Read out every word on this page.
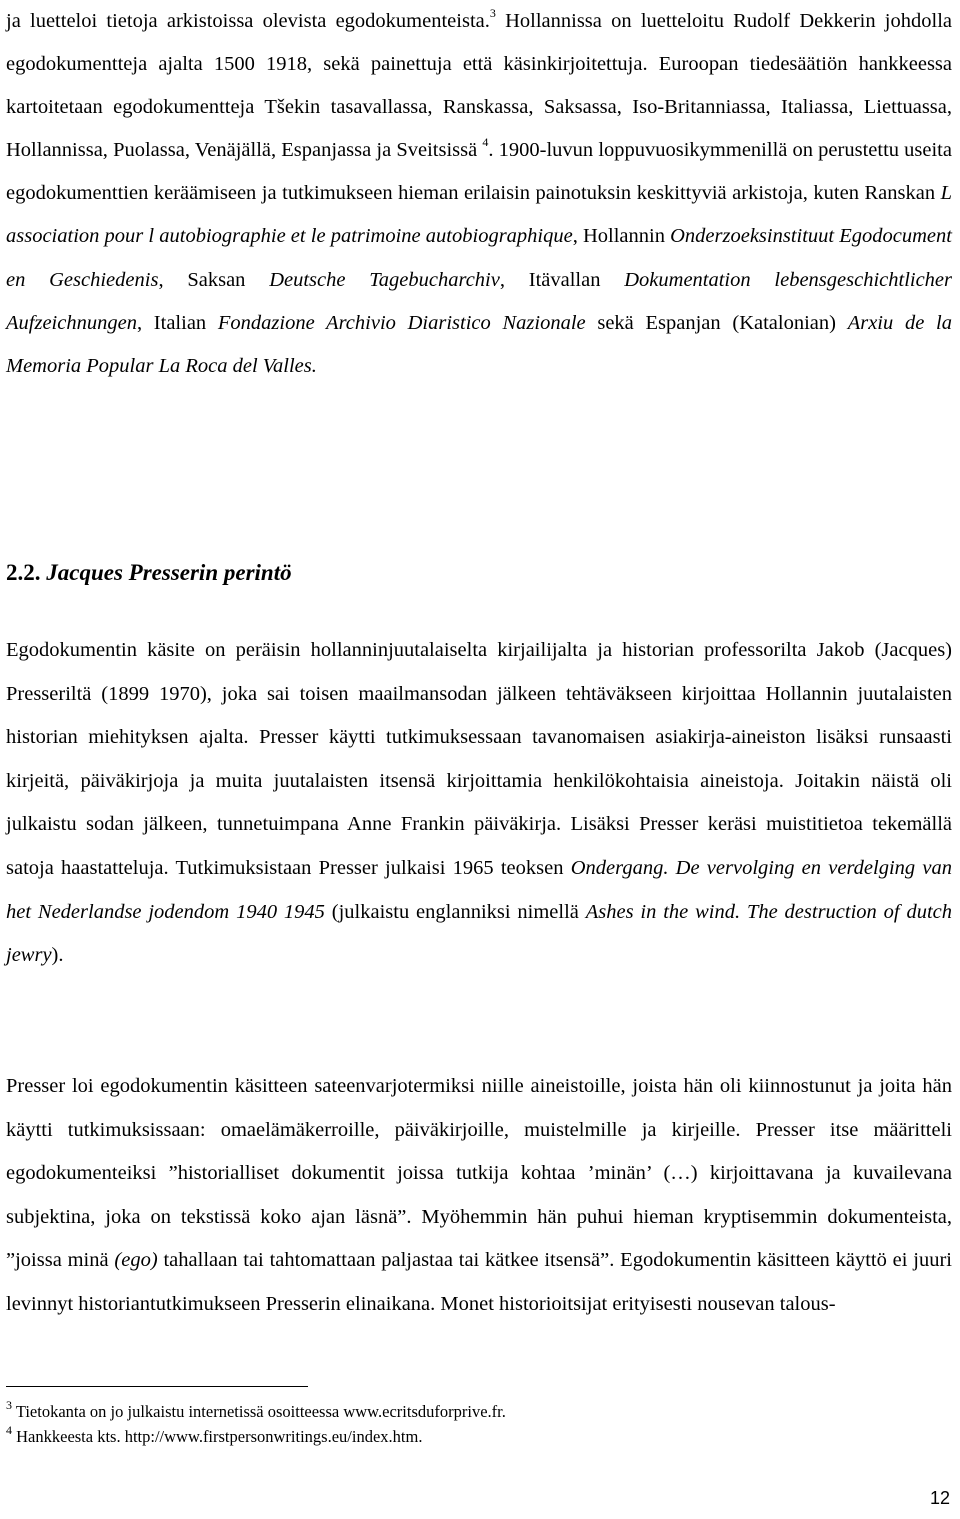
ja luetteloi tietoja arkistoissa olevista egodokumenteista.$^3$ Hollannissa on luetteloitu Rudolf Dekkerin johdolla egodokumentteja ajalta 1500 1918, sekä painettuja että käsinkirjoitettuja. Euroopan tiedesäätiön hankkeessa kartoitetaan egodokumentteja Tšekin tasavallassa, Ranskassa, Saksassa, Iso-Britanniassa, Italiassa, Liettuassa, Hollannissa, Puolassa, Venäjällä, Espanjassa ja Sveitsissä $^4$. 1900-luvun loppuvuosikymmenillä on perustettu useita egodokumenttien keräämiseen ja tutkimukseen hieman erilaisin painotuksin keskittyviä arkistoja, kuten Ranskan L association pour l autobiographie et le patrimoine autobiographique, Hollannin Onderzoeksinstituut Egodocument en Geschiedenis, Saksan Deutsche Tagebucharchiv, Itävallan Dokumentation lebensgeschichtlicher Aufzeichnungen, Italian Fondazione Archivio Diaristico Nazionale sekä Espanjan (Katalonian) Arxiu de la Memoria Popular La Roca del Valles.

2.2. Jacques Presserin perintö

Egodokumentin käsite on peräisin hollanninjuutalaiselta kirjailijalta ja historian professorilta Jakob (Jacques) Presseriltä (1899 1970), joka sai toisen maailmansodan jälkeen tehtäväkseen kirjoittaa Hollannin juutalaisten historian miehityksen ajalta. Presser käytti tutkimuksessaan tavanomaisen asiakirja-aineiston lisäksi runsaasti kirjeitä, päiväkirjoja ja muita juutalaisten itsensä kirjoittamia henkilökohtaisia aineistoja. Joitakin näistä oli julkaistu sodan jälkeen, tunnetuimpana Anne Frankin päiväkirja. Lisäksi Presser keräsi muistitietoa tekemällä satoja haastatteluja. Tutkimuksistaan Presser julkaisi 1965 teoksen Ondergang. De vervolging en verdelging van het Nederlandse jodendom 1940 1945 (julkaistu englanniksi nimellä Ashes in the wind. The destruction of dutch jewry).

Presser loi egodokumentin käsitteen sateenvarjotermiksi niille aineistoille, joista hän oli kiinnostunut ja joita hän käytti tutkimuksissaan: omaelämäkerroille, päiväkirjoille, muistelmille ja kirjeille. Presser itse määritteli egodokumenteiksi ”historialliset dokumentit joissa tutkija kohtaa ’minän’ (…) kirjoittavana ja kuvailevana subjektina, joka on tekstissä koko ajan läsnä”. Myöhemmin hän puhui hieman kryptisemmin dokumenteista, ”joissa minä (ego) tahallaan tai tahtomattaan paljastaa tai kätkee itsensä”. Egodokumentin käsitteen käyttö ei juuri levinnyt historiantutkimukseen Presserin elinaikana. Monet historioitsijat erityisesti nousevan talous-

$^3$ Tietokanta on jo julkaistu internetissä osoitteessa www.ecritsduforprive.fr.
$^4$ Hankkeesta kts. http://www.firstpersonwritings.eu/index.htm.
12
